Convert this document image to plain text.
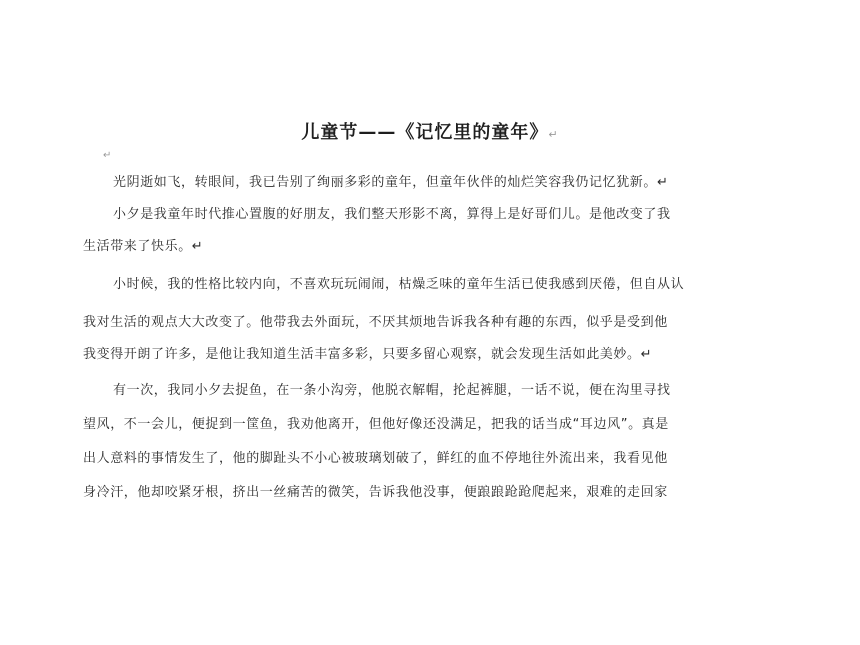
儿童节——《记忆里的童年》↵
↵
光阴逝如飞，转眼间，我已告别了绚丽多彩的童年，但童年伙伴的灿烂笑容我仍记忆犹新。↵
小夕是我童年时代推心置腹的好朋友，我们整天形影不离，算得上是好哥们儿。是他改变了我
生活带来了快乐。↵
小时候，我的性格比较内向，不喜欢玩玩闹闹，枯燥乏味的童年生活已使我感到厌倦，但自从认
我对生活的观点大大改变了。他带我去外面玩，不厌其烦地告诉我各种有趣的东西，似乎是受到他
我变得开朗了许多，是他让我知道生活丰富多彩，只要多留心观察，就会发现生活如此美妙。↵
有一次，我同小夕去捉鱼，在一条小沟旁，他脱衣解帽，抡起裤腿，一话不说，便在沟里寻找
望风，不一会儿，便捉到一筐鱼，我劝他离开，但他好像还没满足，把我的话当成“耳边风”。真是
出人意料的事情发生了，他的脚趾头不小心被玻璃划破了，鲜红的血不停地往外流出来，我看见他
身冷汗，他却咬紧牙根，挤出一丝痛苦的微笑，告诉我他没事，便踉踉跄跄爬起来，艰难的走回家
